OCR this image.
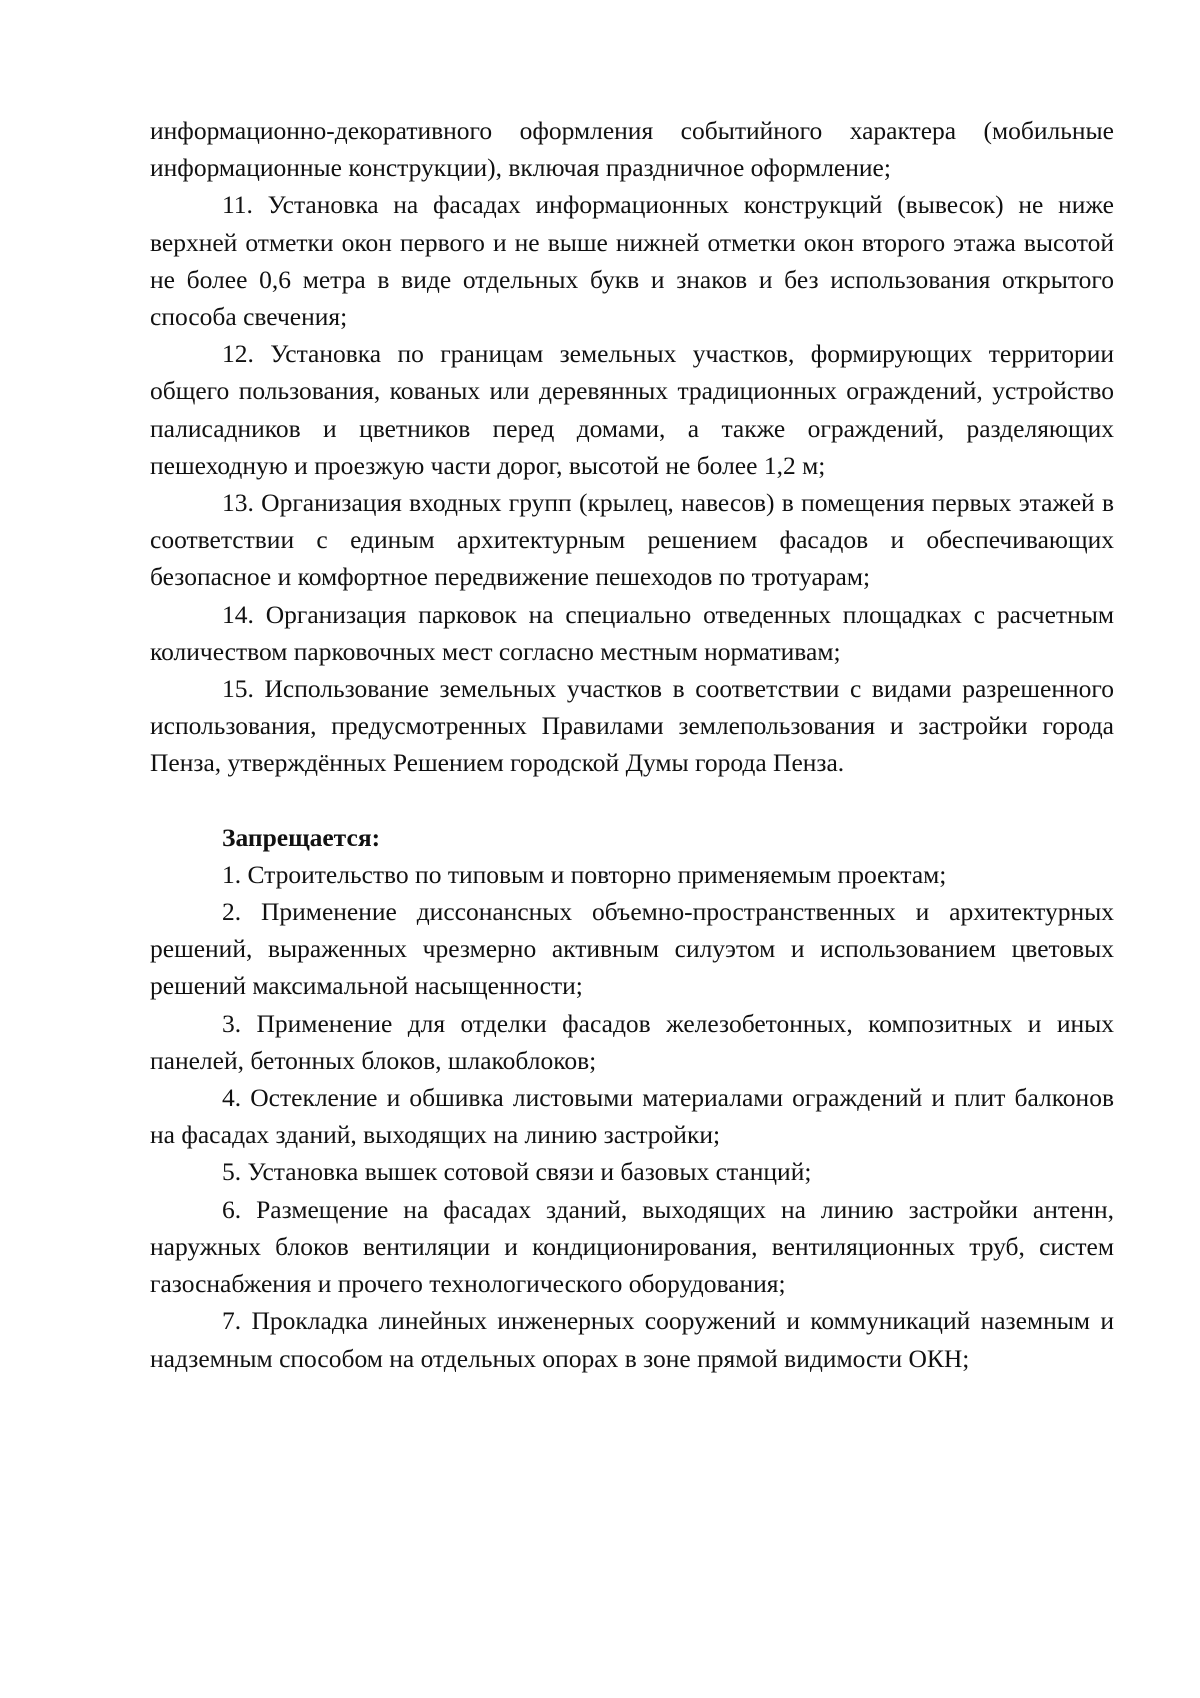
информационно-декоративного оформления событийного характера (мобильные информационные конструкции), включая праздничное оформление;

11. Установка на фасадах информационных конструкций (вывесок) не ниже верхней отметки окон первого и не выше нижней отметки окон второго этажа высотой не более 0,6 метра в виде отдельных букв и знаков и без использования открытого способа свечения;

12. Установка по границам земельных участков, формирующих территории общего пользования, кованых или деревянных традиционных ограждений, устройство палисадников и цветников перед домами, а также ограждений, разделяющих пешеходную и проезжую части дорог, высотой не более 1,2 м;

13. Организация входных групп (крылец, навесов) в помещения первых этажей в соответствии с единым архитектурным решением фасадов и обеспечивающих безопасное и комфортное передвижение пешеходов по тротуарам;

14. Организация парковок на специально отведенных площадках с расчетным количеством парковочных мест согласно местным нормативам;

15. Использование земельных участков в соответствии с видами разрешенного использования, предусмотренных Правилами землепользования и застройки города Пенза, утверждённых Решением городской Думы города Пенза.

Запрещается:

1. Строительство по типовым и повторно применяемым проектам;

2. Применение диссонансных объемно-пространственных и архитектурных решений, выраженных чрезмерно активным силуэтом и использованием цветовых решений максимальной насыщенности;

3. Применение для отделки фасадов железобетонных, композитных и иных панелей, бетонных блоков, шлакоблоков;

4. Остекление и обшивка листовыми материалами ограждений и плит балконов на фасадах зданий, выходящих на линию застройки;

5. Установка вышек сотовой связи и базовых станций;

6. Размещение на фасадах зданий, выходящих на линию застройки антенн, наружных блоков вентиляции и кондиционирования, вентиляционных труб, систем газоснабжения и прочего технологического оборудования;

7. Прокладка линейных инженерных сооружений и коммуникаций наземным и надземным способом на отдельных опорах в зоне прямой видимости ОКН;
